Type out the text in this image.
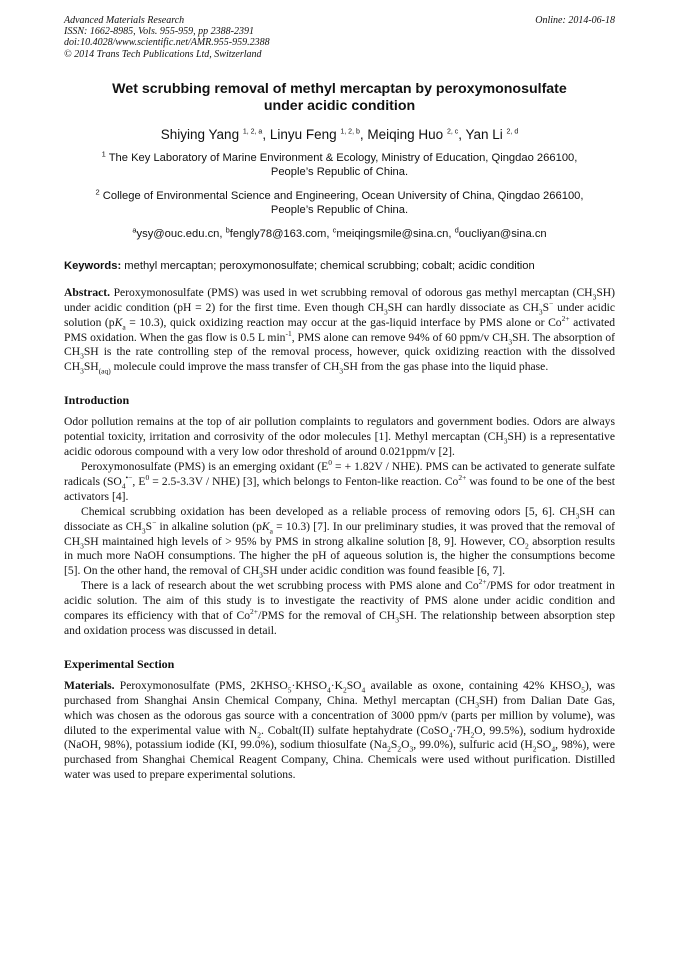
Advanced Materials Research
ISSN: 1662-8985, Vols. 955-959, pp 2388-2391
doi:10.4028/www.scientific.net/AMR.955-959.2388
© 2014 Trans Tech Publications Ltd, Switzerland
Online: 2014-06-18
Wet scrubbing removal of methyl mercaptan by peroxymonosulfate
under acidic condition
Shiying Yang $^{1, 2, a}$, Linyu Feng $^{1, 2, b}$, Meiqing Huo $^{2, c}$, Yan Li $^{2, d}$
$^1$ The Key Laboratory of Marine Environment & Ecology, Ministry of Education, Qingdao 266100,
People’s Republic of China.
$^2$ College of Environmental Science and Engineering, Ocean University of China, Qingdao 266100,
People’s Republic of China.
$^a$ysy@ouc.edu.cn, $^b$fengly78@163.com, $^c$meiqingsmile@sina.cn, $^d$oucliyan@sina.cn
Keywords: methyl mercaptan; peroxymonosulfate; chemical scrubbing; cobalt; acidic condition

Abstract. Peroxymonosulfate (PMS) was used in wet scrubbing removal of odorous gas methyl mercaptan $(CH_3SH)$ under acidic condition (pH = 2) for the first time. Even though $CH_3SH$ can hardly dissociate as $CH_3S^-$ under acidic solution $(pK_a = 10.3)$, quick oxidizing reaction may occur at the gas-liquid interface by PMS alone or $Co^{2+}$ activated PMS oxidation. When the gas flow is 0.5 L $\min^{-1}$, PMS alone can remove 94% of 60 ppm/v $CH_3SH$. The absorption of $CH_3SH$ is the rate controlling step of the removal process, however, quick oxidizing reaction with the dissolved $CH_3SH_{(aq)}$ molecule could improve the mass transfer of $CH_3SH$ from the gas phase into the liquid phase.

Introduction

Odor pollution remains at the top of air pollution complaints to regulators and government bodies. Odors are always potential toxicity, irritation and corrosivity of the odor molecules [1]. Methyl mercaptan $(CH_3SH)$ is a representative acidic odorous compound with a very low odor threshold of around 0.021ppm/v [2].

Peroxymonosulfate (PMS) is an emerging oxidant ($E^0$ = + 1.82V / NHE). PMS can be activated to generate sulfate radicals ($SO_4^{•-}$, $E^0 = 2.5-3.3V / NHE$) [3], which belongs to Fenton-like reaction. $Co^{2+}$ was found to be one of the best activators [4].

Chemical scrubbing oxidation has been developed as a reliable process of removing odors [5, 6]. $CH_3SH$ can dissociate as $CH_3S^-$ in alkaline solution $(pK_a = 10.3)$ [7]. In our preliminary studies, it was proved that the removal of $CH_3SH$ maintained high levels of > 95% by PMS in strong alkaline solution [8, 9]. However, $CO_2$ absorption results in much more NaOH consumptions. The higher the pH of aqueous solution is, the higher the consumptions become [5]. On the other hand, the removal of $CH_3SH$ under acidic condition was found feasible [6, 7].

There is a lack of research about the wet scrubbing process with PMS alone and $Co^{2+}$/PMS for odor treatment in acidic solution. The aim of this study is to investigate the reactivity of PMS alone under acidic condition and compares its efficiency with that of $Co^{2+}$/PMS for the removal of $CH_3SH$. The relationship between absorption step and oxidation process was discussed in detail.

Experimental Section

Materials. Peroxymonosulfate (PMS, $2KHSO_5\cdot KHSO_4\cdot K_2SO_4$ available as oxone, containing 42% $KHSO_5$), was purchased from Shanghai Ansin Chemical Company, China. Methyl mercaptan $(CH_3SH)$ from Dalian Date Gas, which was chosen as the odorous gas source with a concentration of 3000 ppm/v (parts per million by volume), was diluted to the experimental value with $N_2$. Cobalt(II) sulfate heptahydrate ($CoSO_4\cdot 7H_2O$, 99.5%), sodium hydroxide (NaOH, 98%), potassium iodide (KI, 99.0%), sodium thiosulfate ($Na_2S_2O_3$, 99.0%), sulfuric acid ($H_2SO_4$, 98%), were purchased from Shanghai Chemical Reagent Company, China. Chemicals were used without purification. Distilled water was used to prepare experimental solutions.
